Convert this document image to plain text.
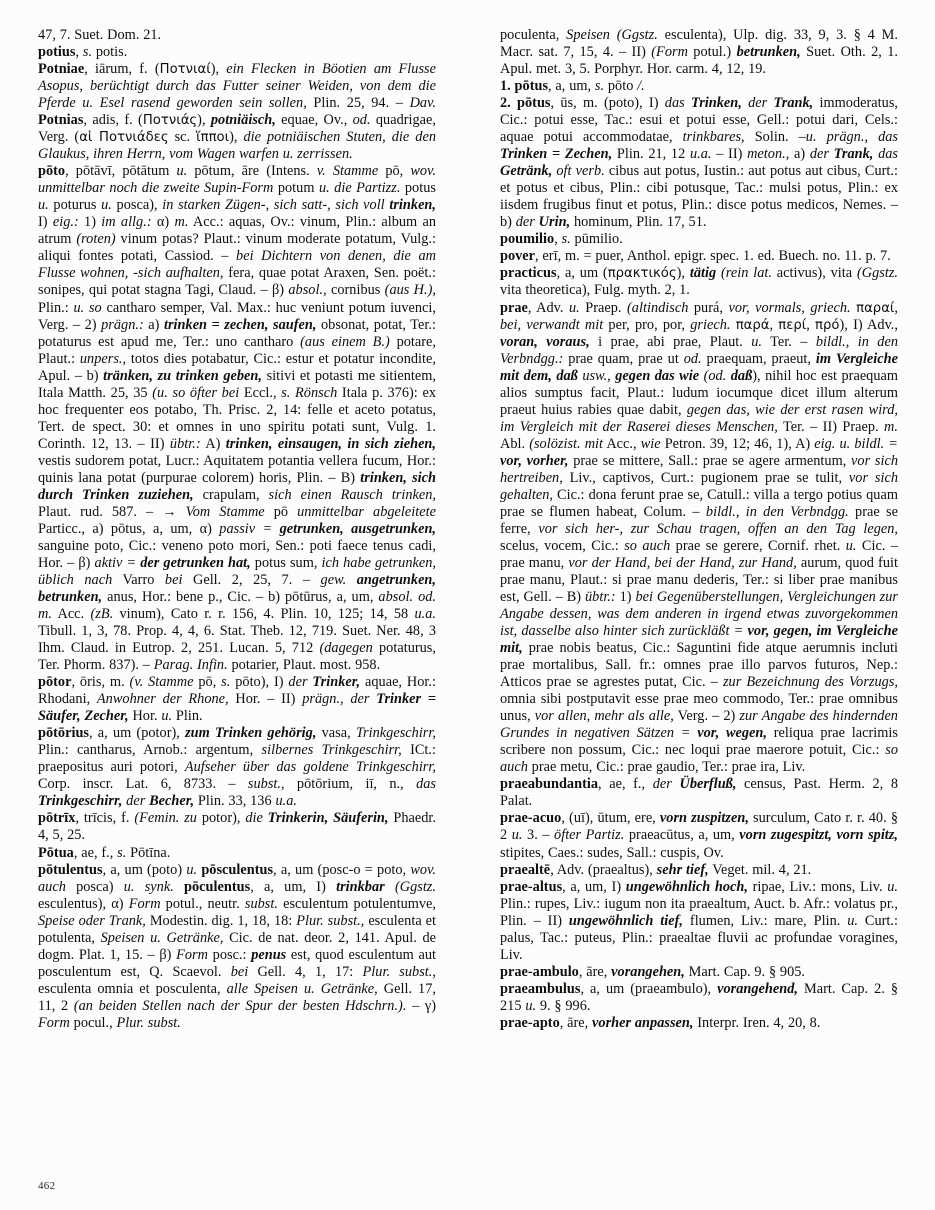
47, 7. Suet. Dom. 21.

potius, s. potis.

Potniae, iārum, f. (Ποτνιαί), ein Flecken in Böotien am Flusse Asopus, berüchtigt durch das Futter seiner Weiden, von dem die Pferde u. Esel rasend geworden sein sollen, Plin. 25, 94. – Dav. Potnias, adis, f. (Ποτνιάς), potniäisch, equae, Ov., od. quadrigae, Verg. (αἱ Ποτνιάδες sc. ἵπποι), die potniäischen Stuten, die den Glaukus, ihren Herrn, vom Wagen warfen u. zerrissen.

pōto, pōtāvī, pōtātum u. pōtum, āre (Intens. v. Stamme pō, wov. unmittelbar noch die zweite Supin-Form potum u. die Partizz. potus u. poturus u. posca), in starken Zügen-, sich satt-, sich voll trinken, I) eig.: 1) im allg.: α) m. Acc.: aquas, Ov.: vinum, Plin.: album an atrum (roten) vinum potas? Plaut.: vinum moderate potatum, Vulg.: aliqui fontes potati, Cassiod. – bei Dichtern von denen, die am Flusse wohnen, -sich aufhalten, fera, quae potat Araxen, Sen. poët.: sonipes, qui potat stagna Tagi, Claud. – β) absol., cornibus (aus H.), Plin.: u. so cantharo semper, Val. Max.: huc veniunt potum iuvenci, Verg. – 2) prägn.: a) trinken = zechen, saufen, obsonat, potat, Ter.: potaturus est apud me, Ter.: uno cantharo (aus einem B.) potare, Plaut.: unpers., totos dies potabatur, Cic.: estur et potatur incondite, Apul. – b) tränken, zu trinken geben, sitivi et potasti me sitientem, Itala Matth. 25, 35 (u. so öfter bei Eccl., s. Rönsch Itala p. 376): ex hoc frequenter eos potabo, Th. Prisc. 2, 14: felle et aceto potatus, Tert. de spect. 30: et omnes in uno spiritu potati sunt, Vulg. 1. Corinth. 12, 13. – II) übtr.: A) trinken, einsaugen, in sich ziehen, vestis sudorem potat, Lucr.: Aquitatem potantia vellera fucum, Hor.: quinis lana potat (purpurae colorem) horis, Plin. – B) trinken, sich durch Trinken zuziehen, crapulam, sich einen Rausch trinken, Plaut. rud. 587. – → Vom Stamme pō unmittelbar abgeleitete Particc., a) pōtus, a, um, α) passiv = getrunken, ausgetrunken, sanguine poto, Cic.: veneno poto mori, Sen.: poti faece tenus cadi, Hor. – β) aktiv = der getrunken hat, potus sum, ich habe getrunken, üblich nach Varro bei Gell. 2, 25, 7. – gew. angetrunken, betrunken, anus, Hor.: bene p., Cic. – b) pōtūrus, a, um, absol. od. m. Acc. (zB. vinum), Cato r. r. 156, 4. Plin. 10, 125; 14, 58 u.a. Tibull. 1, 3, 78. Prop. 4, 4, 6. Stat. Theb. 12, 719. Suet. Ner. 48, 3 Ihm. Claud. in Eutrop. 2, 251. Lucan. 5, 712 (dagegen potaturus, Ter. Phorm. 837). – Parag. Infin. potarier, Plaut. most. 958.

pōtor, ōris, m. (v. Stamme pō, s. pōto), I) der Trinker, aquae, Hor.: Rhodani, Anwohner der Rhone, Hor. – II) prägn., der Trinker = Säufer, Zecher, Hor. u. Plin.

pōtōrius, a, um (potor), zum Trinken gehörig, vasa, Trinkgeschirr, Plin.: cantharus, Arnob.: argentum, silbernes Trinkgeschirr, ICt.: praepositus auri potori, Aufseher über das goldene Trinkgeschirr, Corp. inscr. Lat. 6, 8733. – subst., pōtōrium, iī, n., das Trinkgeschirr, der Becher, Plin. 33, 136 u.a.

pōtrīx, trīcis, f. (Femin. zu potor), die Trinkerin, Säuferin, Phaedr. 4, 5, 25.

Pōtua, ae, f., s. Pōtīna.

pōtulentus, a, um (poto) u. pōsculentus, a, um (posc-o = poto, wov. auch posca) u. synk. pōculentus, a, um, I) trinkbar (Ggstz. esculentus), α) Form potul., neutr. subst. esculentum potulentumve, Speise oder Trank, Modestin. dig. 1, 18, 18: Plur. subst., esculenta et potulenta, Speisen u. Getränke, Cic. de nat. deor. 2, 141. Apul. de dogm. Plat. 1, 15. – β) Form posc.: penus est, quod esculentum aut posculentum est, Q. Scaevol. bei Gell. 4, 1, 17: Plur. subst., esculenta omnia et posculenta, alle Speisen u. Getränke, Gell. 17, 11, 2 (an beiden Stellen nach der Spur der besten Hdschrn.). – γ) Form pocul., Plur. subst.

poculenta, Speisen (Ggstz. esculenta), Ulp. dig. 33, 9, 3. § 4 M. Macr. sat. 7, 15, 4. – II) (Form potul.) betrunken, Suet. Oth. 2, 1. Apul. met. 3, 5. Porphyr. Hor. carm. 4, 12, 19.

1. pōtus, a, um, s. pōto /.

2. pōtus, ūs, m. (poto), I) das Trinken, der Trank, immoderatus, Cic.: potui esse, Tac.: esui et potui esse, Gell.: potui dari, Cels.: aquae potui accommodatae, trinkbares, Solin. –u. prägn., das Trinken = Zechen, Plin. 21, 12 u.a. – II) meton., a) der Trank, das Getränk, oft verb. cibus aut potus, Iustin.: aut potus aut cibus, Curt.: et potus et cibus, Plin.: cibi potusque, Tac.: mulsi potus, Plin.: ex iisdem frugibus finut et potus, Plin.: disce potus medicos, Nemes. – b) der Urin, hominum, Plin. 17, 51.

poumilio, s. pūmilio.

pover, erī, m. = puer, Anthol. epigr. spec. 1. ed. Buech. no. 11. p. 7.

practicus, a, um (πρακτικός), tätig (rein lat. activus), vita (Ggstz. vita theoretica), Fulg. myth. 2, 1.

prae, Adv. u. Praep. (altindisch purá, vor, vormals, griech. παραί, bei, verwandt mit per, pro, por, griech. παρά, περί, πρό), I) Adv., voran, voraus, i prae, abi prae, Plaut. u. Ter. – bildl., in den Verbndgg.: prae quam, prae ut od. praequam, praeut, im Vergleiche mit dem, daß usw., gegen das wie (od. daß), nihil hoc est praequam alios sumptus facit, Plaut.: ludum iocumque dicet illum alterum praeut huius rabies quae dabit, gegen das, wie der erst rasen wird, im Vergleich mit der Raserei dieses Menschen, Ter. – II) Praep. m. Abl. (solözist. mit Acc., wie Petron. 39, 12; 46, 1), A) eig. u. bildl. = vor, vorher, prae se mittere, Sall.: prae se agere armentum, vor sich hertreiben, Liv., captivos, Curt.: pugionem prae se tulit, vor sich gehalten, Cic.: dona ferunt prae se, Catull.: villa a tergo potius quam prae se flumen habeat, Colum. – bildl., in den Verbndgg. prae se ferre, vor sich her-, zur Schau tragen, offen an den Tag legen, scelus, vocem, Cic.: so auch prae se gerere, Cornif. rhet. u. Cic. – prae manu, vor der Hand, bei der Hand, zur Hand, aurum, quod fuit prae manu, Plaut.: si prae manu dederis, Ter.: si liber prae manibus est, Gell. – B) übtr.: 1) bei Gegenüberstellungen, Vergleichungen zur Angabe dessen, was dem anderen in irgend etwas zuvorgekommen ist, dasselbe also hinter sich zurückläßt = vor, gegen, im Vergleiche mit, prae nobis beatus, Cic.: Saguntini fide atque aerumnis incluti prae mortalibus, Sall. fr.: omnes prae illo parvos futuros, Nep.: Atticos prae se agrestes putat, Cic. – zur Bezeichnung des Vorzugs, omnia sibi postputavit esse prae meo commodo, Ter.: prae omnibus unus, vor allen, mehr als alle, Verg. – 2) zur Angabe des hindernden Grundes in negativen Sätzen = vor, wegen, reliqua prae lacrimis scribere non possum, Cic.: nec loqui prae maerore potuit, Cic.: so auch prae metu, Cic.: prae gaudio, Ter.: prae ira, Liv.

praeabundantia, ae, f., der Überfluß, census, Past. Herm. 2, 8 Palat.

prae-acuo, (uī), ūtum, ere, vorn zuspitzen, surculum, Cato r. r. 40. § 2 u. 3. – öfter Partiz. praeacūtus, a, um, vorn zugespitzt, vorn spitz, stipites, Caes.: sudes, Sall.: cuspis, Ov.

praealtē, Adv. (praealtus), sehr tief, Veget. mil. 4, 21.

prae-altus, a, um, I) ungewöhnlich hoch, ripae, Liv.: mons, Liv. u. Plin.: rupes, Liv.: iugum non ita praealtum, Auct. b. Afr.: volatus pr., Plin. – II) ungewöhnlich tief, flumen, Liv.: mare, Plin. u. Curt.: palus, Tac.: puteus, Plin.: praealtae fluvii ac profundae voragines, Liv.

prae-ambulo, āre, vorangehen, Mart. Cap. 9. § 905.

praeambulus, a, um (praeambulo), vorangehend, Mart. Cap. 2. § 215 u. 9. § 996.

prae-apto, āre, vorher anpassen, Interpr. Iren. 4, 20, 8.

462
